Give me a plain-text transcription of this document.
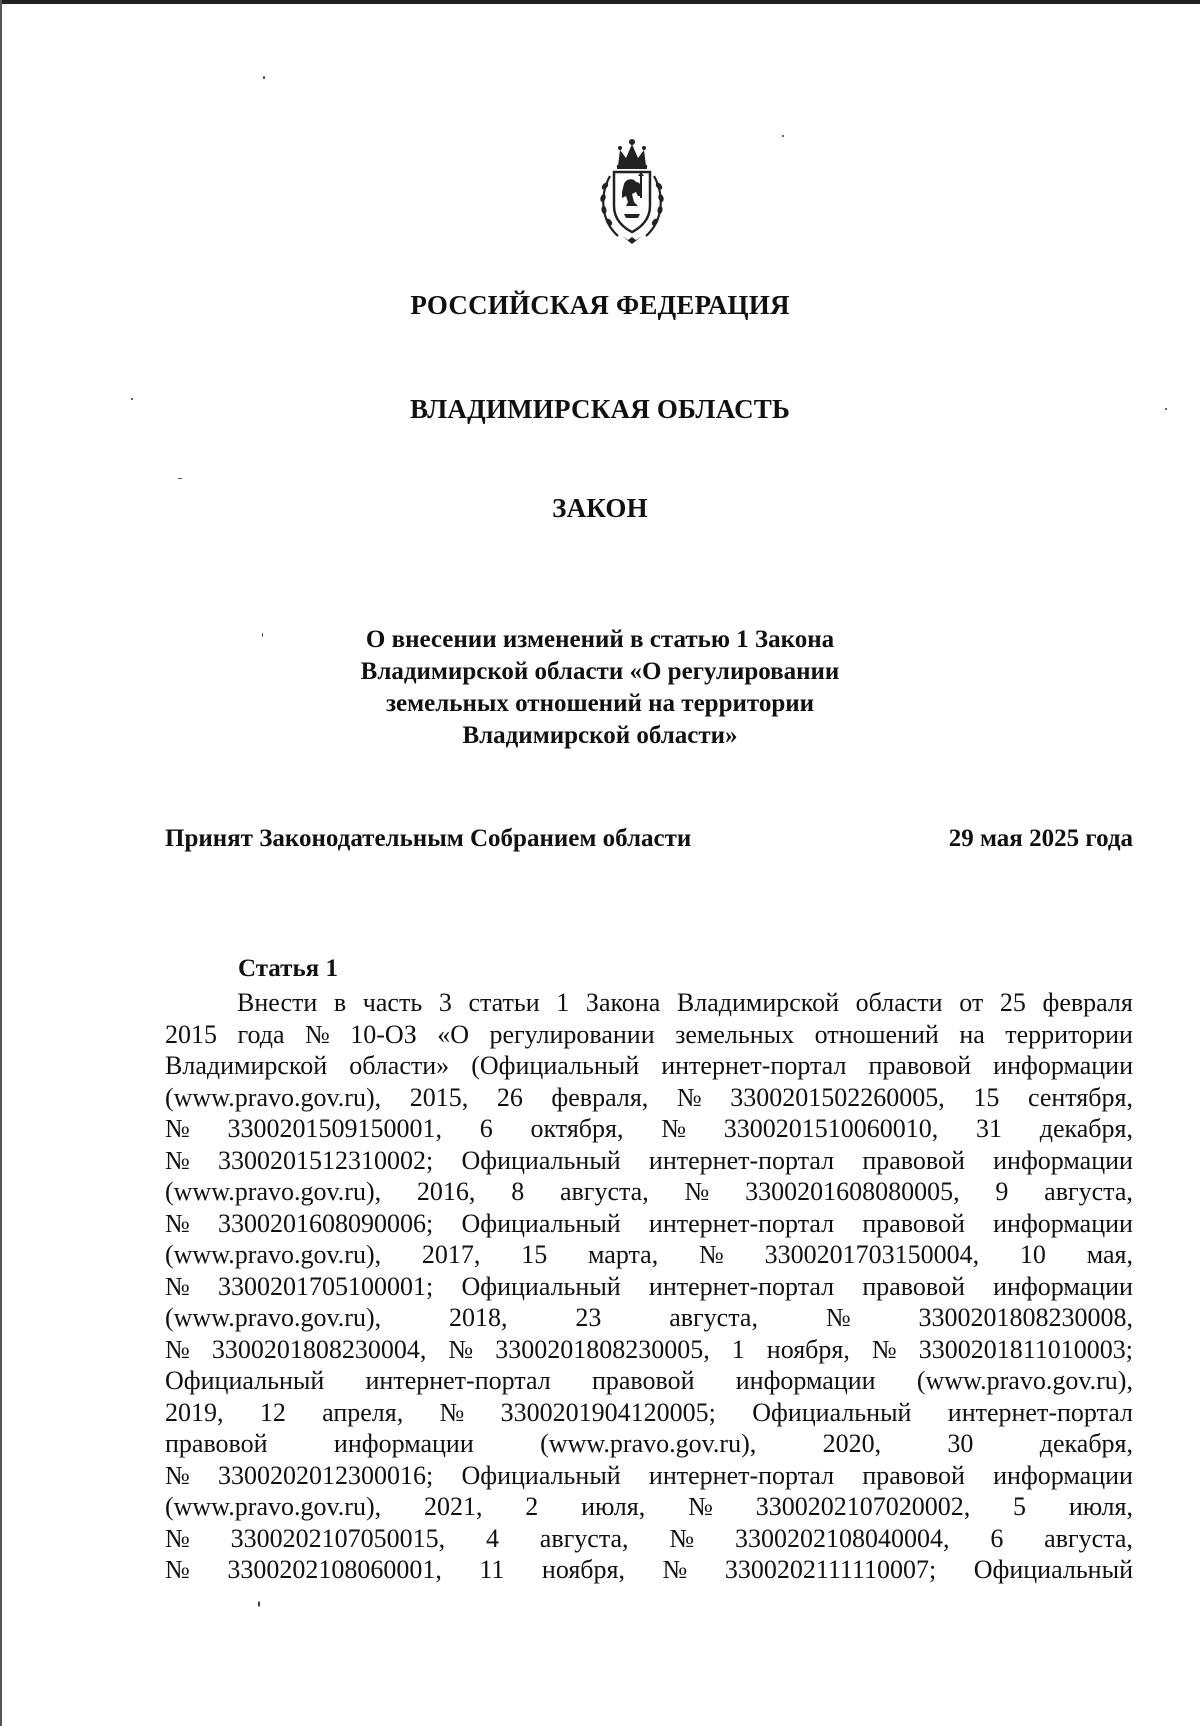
РОССИЙСКАЯ ФЕДЕРАЦИЯ
ВЛАДИМИРСКАЯ ОБЛАСТЬ
ЗАКОН
О внесении изменений в статью 1 Закона
Владимирской области «О регулировании
земельных отношений на территории
Владимирской области»
Принят Законодательным Собранием области	29 мая 2025 года
Статья 1
Внести в часть 3 статьи 1 Закона Владимирской области от 25 февраля
2015 года № 10-ОЗ «О регулировании земельных отношений на территории
Владимирской области» (Официальный интернет-портал правовой информации
(www.pravo.gov.ru), 2015, 26 февраля, № 3300201502260005, 15 сентября,
№ 3300201509150001, 6 октября, № 3300201510060010, 31 декабря,
№ 3300201512310002; Официальный интернет-портал правовой информации
(www.pravo.gov.ru), 2016, 8 августа, № 3300201608080005, 9 августа,
№ 3300201608090006; Официальный интернет-портал правовой информации
(www.pravo.gov.ru), 2017, 15 марта, № 3300201703150004, 10 мая,
№ 3300201705100001; Официальный интернет-портал правовой информации
(www.pravo.gov.ru),	2018,	23	августа,	№	3300201808230008,
№ 3300201808230004, № 3300201808230005, 1 ноября, № 3300201811010003;
Официальный интернет-портал правовой информации (www.pravo.gov.ru),
2019, 12 апреля, № 3300201904120005; Официальный интернет-портал
правовой	информации	(www.pravo.gov.ru),	2020,	30	декабря,
№ 3300202012300016; Официальный интернет-портал правовой информации
(www.pravo.gov.ru), 2021, 2 июля, № 3300202107020002, 5 июля,
№ 3300202107050015, 4 августа, № 3300202108040004, 6 августа,
№ 3300202108060001, 11 ноября, № 3300202111110007; Официальный
